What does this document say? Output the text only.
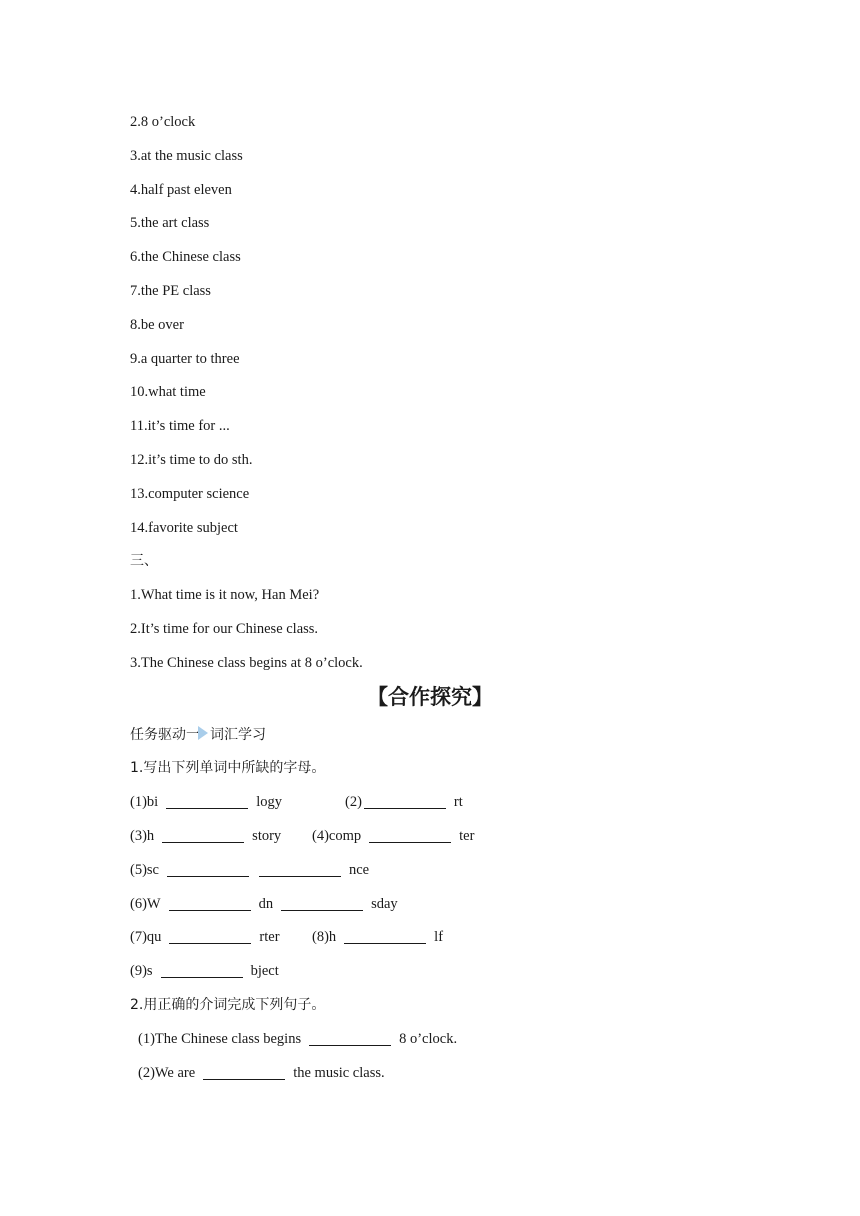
2.8 o’clock
3.at the music class
4.half past eleven
5.the art class
6.the Chinese class
7.the PE class
8.be over
9.a quarter to three
10.what time
11.it’s time for ...
12.it’s time to do sth.
13.computer science
14.favorite subject
三、
1.What time is it now, Han Mei?
2.It’s time for our Chinese class.
3.The Chinese class begins at 8 o’clock.
【合作探究】
任务驱动一 词汇学习
1.写出下列单词中所缺的字母。
(1)bi	logy	(2)	rt
(3)h	story (4)comp	ter
(5)sc	nce
(6)W	dn	sday
(7)qu	rter (8)h	lf
(9)s	bject
2.用正确的介词完成下列句子。
(1)The Chinese class begins	8 o’clock.
(2)We are	the music class.
